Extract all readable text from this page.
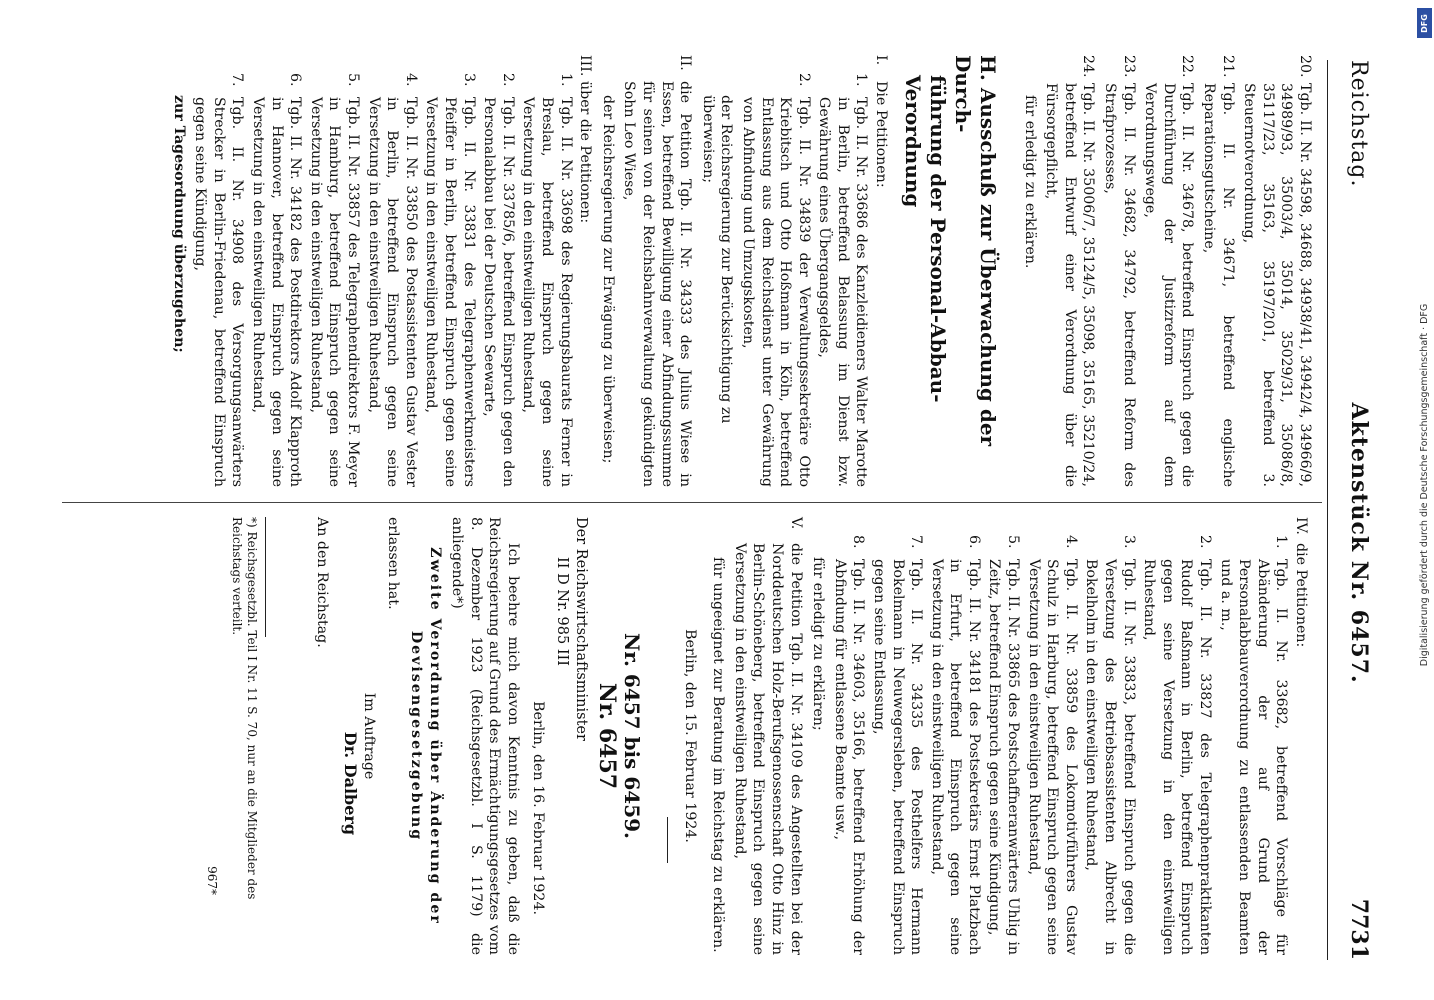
Reichstag.
Aktenstück Nr. 6457.
7731
20.
Tgb. II. Nr. 34598, 34688, 34938/41, 34942/4, 34966/9, 34989/93, 35003/4, 35014, 35029/31, 35086/8, 35117/23, 35163, 35197/201, betreffend 3. Steuernotverordnung,
21.
Tgb. II. Nr. 34671, betreffend englische Reparationsgutscheine,
22.
Tgb. II. Nr. 34678, betreffend Einspruch gegen die Durchführung der Justizreform auf dem Verordnungswege,
23.
Tgb. II. Nr. 34682, 34792, betreffend Reform des Strafprozesses,
24.
Tgb. II. Nr. 35006/7, 35124/5, 35098, 35165, 35210/24, betreffend Entwurf einer Verordnung über die Fürsorgepflicht,
für erledigt zu erklären.
H. Ausschuß zur Überwachung der Durch-
führung der Personal-Abbau-Verordnung
I.
Die Petitionen:
1.
Tgb. II. Nr. 33686 des Kanzleidieners Walter Marotte in Berlin, betreffend Belassung im Dienst bzw. Gewährung eines Übergangsgeldes,
2.
Tgb. II. Nr. 34839 der Verwaltungssekretäre Otto Kriebitsch und Otto Hoßmann in Köln, betreffend Entlassung aus dem Reichsdienst unter Gewährung von Abfindung und Umzugskosten,
der Reichsregierung zur Berücksichtigung zu überweisen;
II.
die Petition Tgb. II. Nr. 34333 des Julius Wiese in Essen, betreffend Bewilligung einer Abfindungssumme für seinen von der Reichsbahnverwaltung gekündigten Sohn Leo Wiese,
der Reichsregierung zur Erwägung zu überweisen;
III.
über die Petitionen:
1.
Tgb. II. Nr. 33698 des Regierungsbaurats Ferner in Breslau, betreffend Einspruch gegen seine Versetzung in den einstweiligen Ruhestand,
2.
Tgb. II. Nr. 33785/6, betreffend Einspruch gegen den Personalabbau bei der Deutschen Seewarte,
3.
Tgb. II. Nr. 33831 des Telegraphenwerkmeisters Pfeiffer in Berlin, betreffend Einspruch gegen seine Versetzung in den einstweiligen Ruhestand,
4.
Tgb. II. Nr. 33850 des Postassistenten Gustav Vester in Berlin, betreffend Einspruch gegen seine Versetzung in den einstweiligen Ruhestand,
5.
Tgb. II. Nr. 33857 des Telegraphendirektors F. Meyer in Hamburg, betreffend Einspruch gegen seine Versetzung in den einstweiligen Ruhestand,
6.
Tgb. II. Nr. 34182 des Postdirektors Adolf Klapproth in Hannover, betreffend Einspruch gegen seine Versetzung in den einstweiligen Ruhestand,
7.
Tgb. II. Nr. 34908 des Versorgungsanwärters Strecker in Berlin-Friedenau, betreffend Einspruch gegen seine Kündigung,
zur Tagesordnung überzugehen;
IV.
die Petitionen:
1.
Tgb. II. Nr. 33682, betreffend Vorschläge für Abänderung der auf Grund der Personalabbauverordnung zu entlassenden Beamten und a. m.,
2.
Tgb. II. Nr. 33827 des Telegraphenpraktikanten Rudolf Baßmann in Berlin, betreffend Einspruch gegen seine Versetzung in den einstweiligen Ruhestand,
3.
Tgb. II. Nr. 33833, betreffend Einspruch gegen die Versetzung des Betriebsassistenten Albrecht in Bokelholm in den einstweiligen Ruhestand,
4.
Tgb. II. Nr. 33859 des Lokomotivführers Gustav Schulz in Harburg, betreffend Einspruch gegen seine Versetzung in den einstweiligen Ruhestand,
5.
Tgb. II. Nr. 33865 des Postschaffneranwärters Uhlig in Zeitz, betreffend Einspruch gegen seine Kündigung,
6.
Tgb. II. Nr. 34181 des Postsekretärs Ernst Platzbach in Erfurt, betreffend Einspruch gegen seine Versetzung in den einstweiligen Ruhestand,
7.
Tgb. II. Nr. 34335 des Posthelfers Hermann Bokelmann in Neuwegersleben, betreffend Einspruch gegen seine Entlassung,
8.
Tgb. II. Nr. 34603, 35166, betreffend Erhöhung der Abfindung für entlassene Beamte usw.,
für erledigt zu erklären;
V.
die Petition Tgb. II. Nr. 34109 des Angestellten bei der Norddeutschen Holz-Berufsgenossenschaft Otto Hinz in Berlin-Schöneberg, betreffend Einspruch gegen seine Versetzung in den einstweiligen Ruhestand,
für ungeeignet zur Beratung im Reichstag zu erklären.
Berlin, den 15. Februar 1924.
Nr. 6457 bis 6459.
Nr. 6457
Der Reichswirtschaftsminister
II D Nr. 985 III
Berlin, den 16. Februar 1924.
Ich beehre mich davon Kenntnis zu geben, daß die Reichsregierung auf Grund des Ermächtigungsgesetzes vom 8. Dezember 1923 (Reichsgesetzbl. I S. 1179) die anliegende*)
Zweite Verordnung über Änderung der
Devisengesetzgebung
erlassen hat.
Im Auftrage
Dr. Dalberg
An den Reichstag.
*) Reichsgesetzbl. Teil I Nr. 11 S. 70, nur an die Mitglieder des Reichstags verteilt.
967*
DFG
Digitalisierung gefördert durch die Deutsche Forschungsgemeinschaft · DFG
